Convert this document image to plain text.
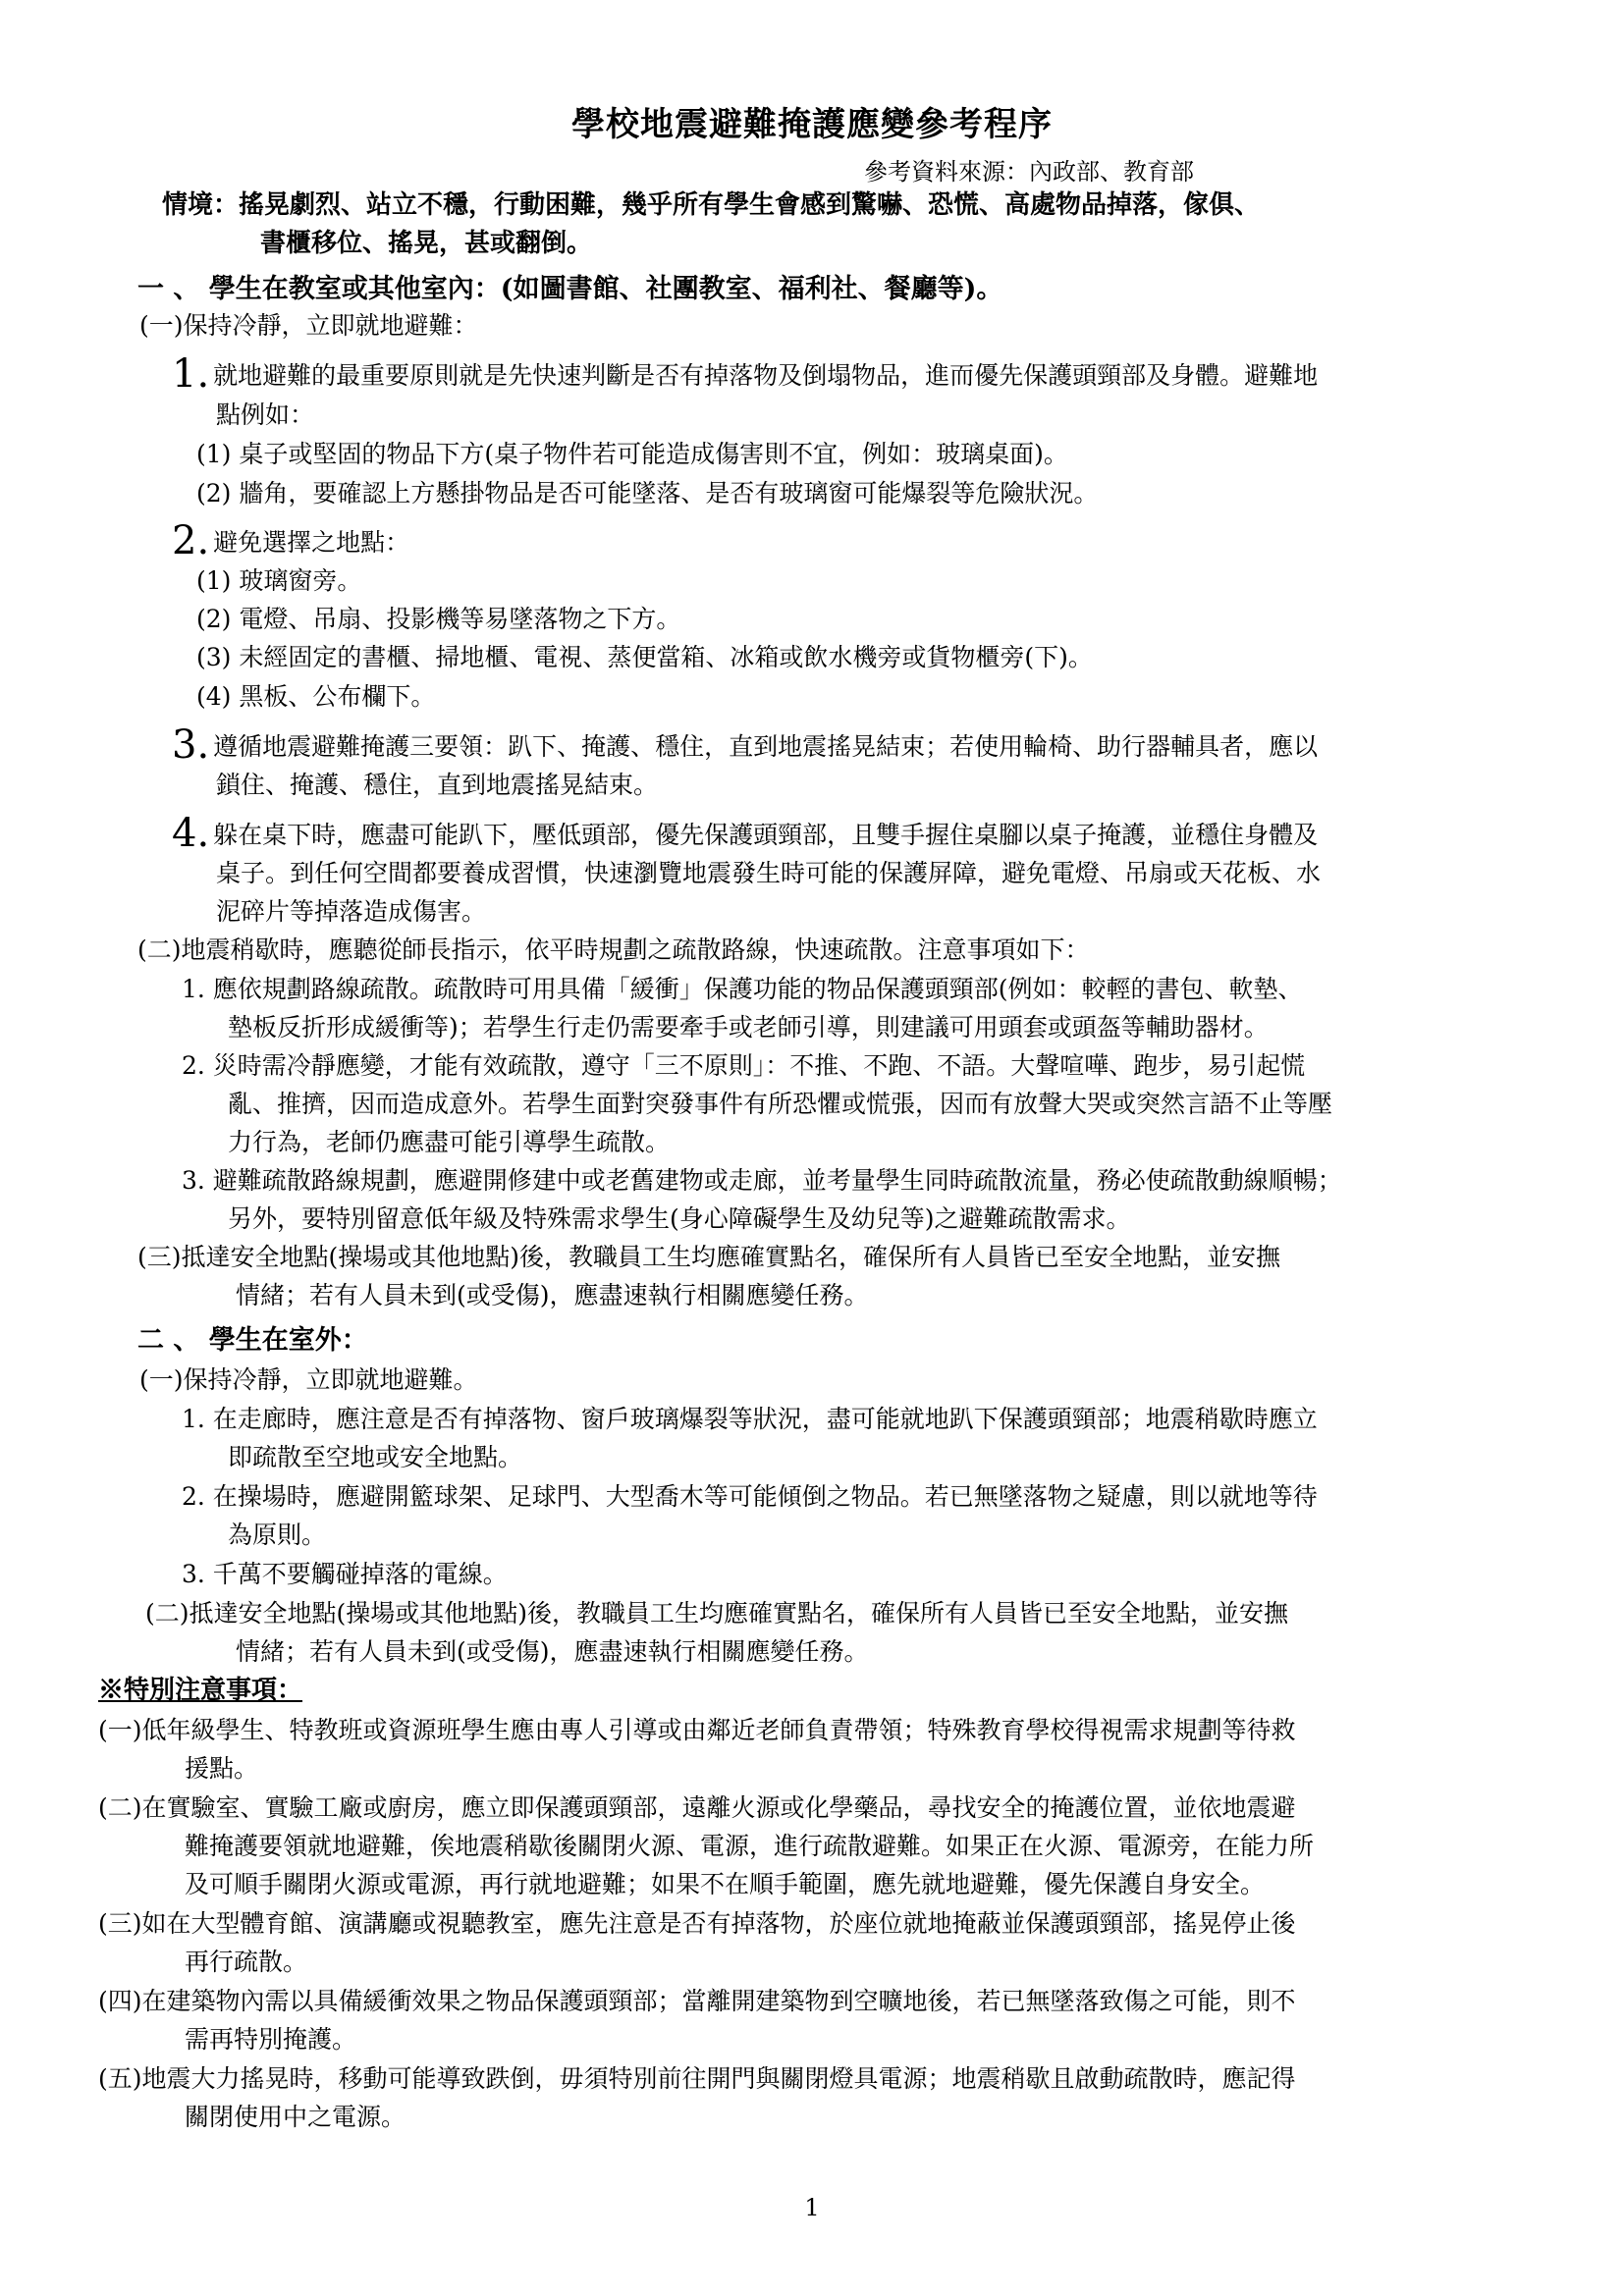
學校地震避難掩護應變參考程序
參考資料來源：內政部、教育部
情境：搖晃劇烈、站立不穩，行動困難，幾乎所有學生會感到驚嚇、恐慌、高處物品掉落，傢俱、
書櫃移位、搖晃，甚或翻倒。
一 、 學生在教室或其他室內：(如圖書館、社團教室、福利社、餐廳等)。
(一)保持冷靜，立即就地避難：
1. 就地避難的最重要原則就是先快速判斷是否有掉落物及倒塌物品，進而優先保護頭頸部及身體。避難地
點例如：
(1) 桌子或堅固的物品下方(桌子物件若可能造成傷害則不宜，例如：玻璃桌面)。
(2) 牆角，要確認上方懸掛物品是否可能墜落、是否有玻璃窗可能爆裂等危險狀況。
2. 避免選擇之地點：
(1) 玻璃窗旁。
(2) 電燈、吊扇、投影機等易墜落物之下方。
(3) 未經固定的書櫃、掃地櫃、電視、蒸便當箱、冰箱或飲水機旁或貨物櫃旁(下)。
(4) 黑板、公布欄下。
3. 遵循地震避難掩護三要領：趴下、掩護、穩住，直到地震搖晃結束；若使用輪椅、助行器輔具者，應以
鎖住、掩護、穩住，直到地震搖晃結束。
4. 躲在桌下時，應盡可能趴下，壓低頭部，優先保護頭頸部，且雙手握住桌腳以桌子掩護，並穩住身體及
桌子。到任何空間都要養成習慣，快速瀏覽地震發生時可能的保護屏障，避免電燈、吊扇或天花板、水
泥碎片等掉落造成傷害。
(二)地震稍歇時，應聽從師長指示，依平時規劃之疏散路線，快速疏散。注意事項如下：
1. 應依規劃路線疏散。疏散時可用具備「緩衝」保護功能的物品保護頭頸部(例如：較輕的書包、軟墊、
墊板反折形成緩衝等)；若學生行走仍需要牽手或老師引導，則建議可用頭套或頭盔等輔助器材。
2. 災時需冷靜應變，才能有效疏散，遵守「三不原則」：不推、不跑、不語。大聲喧嘩、跑步，易引起慌
亂、推擠，因而造成意外。若學生面對突發事件有所恐懼或慌張，因而有放聲大哭或突然言語不止等壓
力行為，老師仍應盡可能引導學生疏散。
3. 避難疏散路線規劃，應避開修建中或老舊建物或走廊，並考量學生同時疏散流量，務必使疏散動線順暢；
另外，要特別留意低年級及特殊需求學生(身心障礙學生及幼兒等)之避難疏散需求。
(三)抵達安全地點(操場或其他地點)後，教職員工生均應確實點名，確保所有人員皆已至安全地點，並安撫
情緒；若有人員未到(或受傷)，應盡速執行相關應變任務。
二 、 學生在室外：
(一)保持冷靜，立即就地避難。
1. 在走廊時，應注意是否有掉落物、窗戶玻璃爆裂等狀況，盡可能就地趴下保護頭頸部；地震稍歇時應立
即疏散至空地或安全地點。
2. 在操場時，應避開籃球架、足球門、大型喬木等可能傾倒之物品。若已無墜落物之疑慮，則以就地等待
為原則。
3. 千萬不要觸碰掉落的電線。
(二)抵達安全地點(操場或其他地點)後，教職員工生均應確實點名，確保所有人員皆已至安全地點，並安撫
情緒；若有人員未到(或受傷)，應盡速執行相關應變任務。
※特別注意事項：
(一)低年級學生、特教班或資源班學生應由專人引導或由鄰近老師負責帶領；特殊教育學校得視需求規劃等待救
援點。
(二)在實驗室、實驗工廠或廚房，應立即保護頭頸部，遠離火源或化學藥品，尋找安全的掩護位置，並依地震避
難掩護要領就地避難，俟地震稍歇後關閉火源、電源，進行疏散避難。如果正在火源、電源旁，在能力所
及可順手關閉火源或電源，再行就地避難；如果不在順手範圍，應先就地避難，優先保護自身安全。
(三)如在大型體育館、演講廳或視聽教室，應先注意是否有掉落物，於座位就地掩蔽並保護頭頸部，搖晃停止後
再行疏散。
(四)在建築物內需以具備緩衝效果之物品保護頭頸部；當離開建築物到空曠地後，若已無墜落致傷之可能，則不
需再特別掩護。
(五)地震大力搖晃時，移動可能導致跌倒，毋須特別前往開門與關閉燈具電源；地震稍歇且啟動疏散時，應記得
關閉使用中之電源。
1
